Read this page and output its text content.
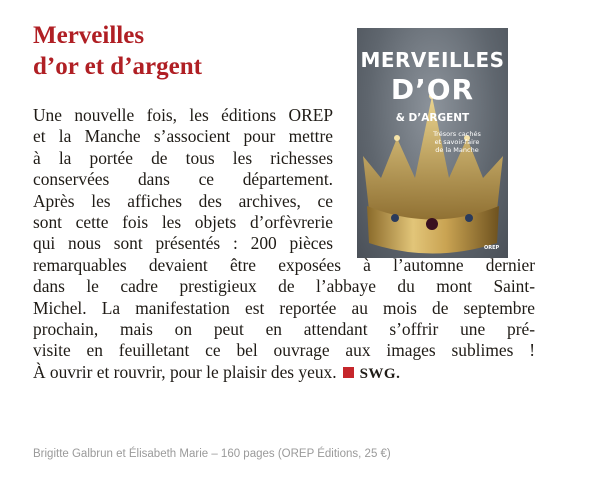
Merveilles
d’or et d’argent	MERVEILLES
D’OR
& D’ARGENT
Trésors cachés
et savoir-faire
de la Manche
OREP
Une nouvelle fois, les éditions OREP
et la Manche s’associent pour mettre
à la portée de tous les richesses
conservées dans ce département.
Après les affiches des archives, ce
sont cette fois les objets d’orfèvrerie
qui nous sont présentés : 200 pièces
remarquables devaient être exposées à l’automne dernier
dans le cadre prestigieux de l’abbaye du mont Saint-
Michel. La manifestation est reportée au mois de septembre
prochain, mais on peut en attendant s’offrir une pré-
visite en feuilletant ce bel ouvrage aux images sublimes !
À ouvrir et rouvrir, pour le plaisir des yeux. SWG.

Brigitte Galbrun et Élisabeth Marie – 160 pages (OREP Éditions, 25 €)
